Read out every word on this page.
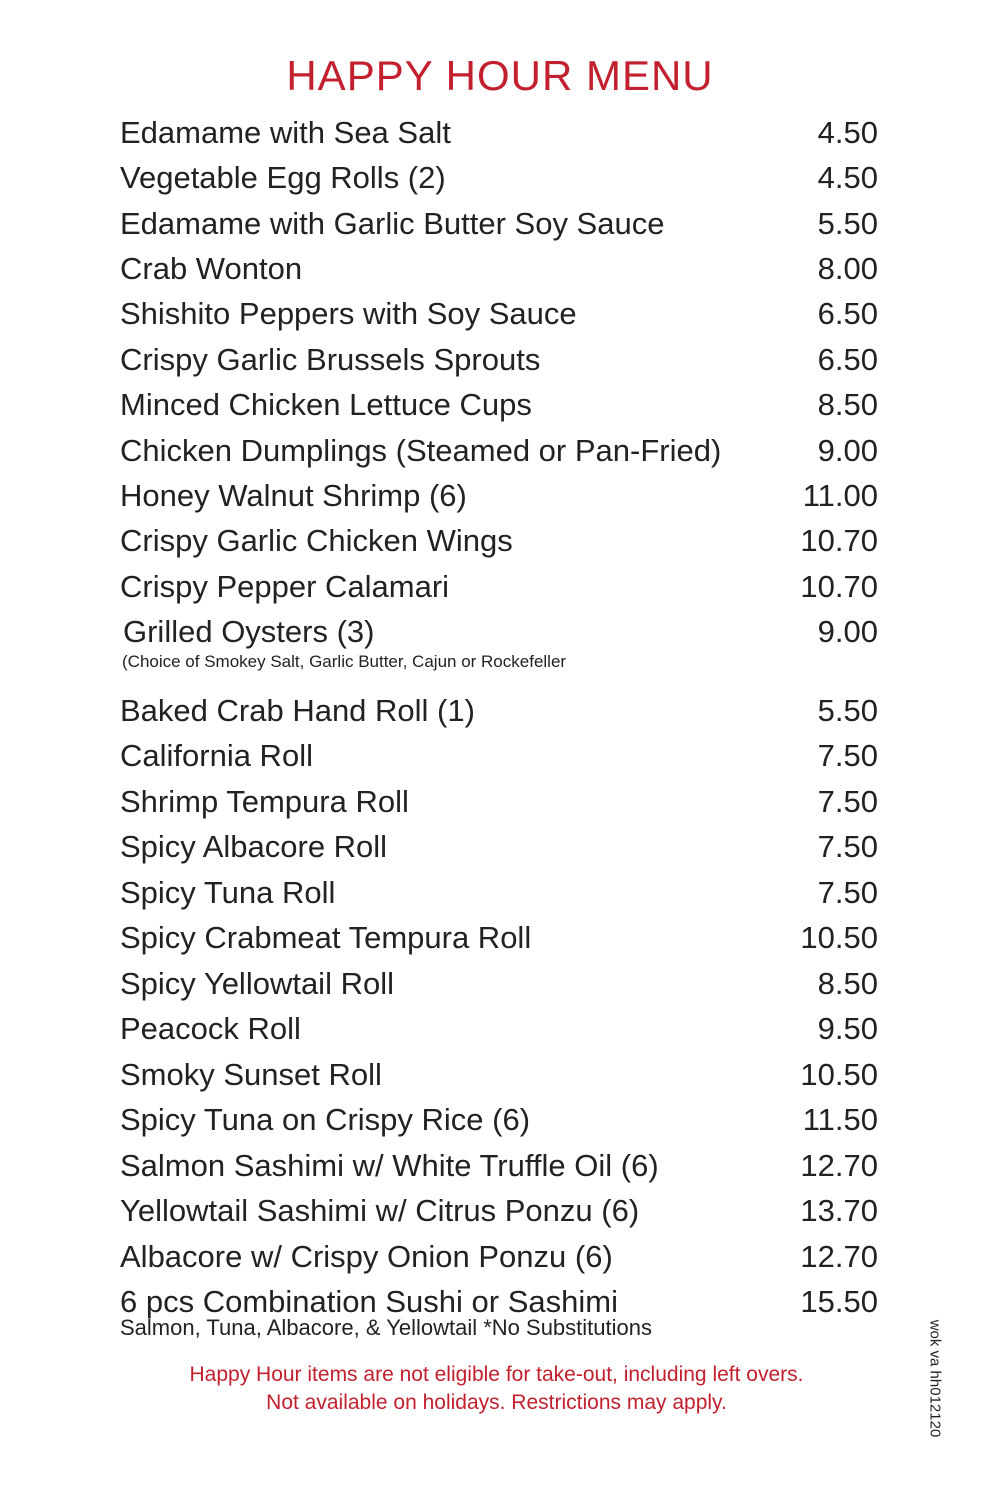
HAPPY HOUR MENU
Edamame with Sea Salt	4.50
Vegetable Egg Rolls (2)	4.50
Edamame with Garlic Butter Soy Sauce	5.50
Crab Wonton	8.00
Shishito Peppers with Soy Sauce	6.50
Crispy Garlic Brussels Sprouts	6.50
Minced Chicken Lettuce Cups	8.50
Chicken Dumplings (Steamed or Pan-Fried)	9.00
Honey Walnut Shrimp (6)	11.00
Crispy Garlic Chicken Wings	10.70
Crispy Pepper Calamari	10.70
Grilled Oysters (3)	9.00
(Choice of Smokey Salt, Garlic Butter, Cajun or Rockefeller
Baked Crab Hand Roll (1)	5.50
California Roll	7.50
Shrimp Tempura Roll	7.50
Spicy Albacore Roll	7.50
Spicy Tuna Roll	7.50
Spicy Crabmeat Tempura Roll	10.50
Spicy Yellowtail Roll	8.50
Peacock Roll	9.50
Smoky Sunset Roll	10.50
Spicy Tuna on Crispy Rice (6)	11.50
Salmon Sashimi w/ White Truffle Oil (6)	12.70
Yellowtail Sashimi w/ Citrus Ponzu (6)	13.70
Albacore w/ Crispy Onion Ponzu (6)	12.70
6 pcs Combination Sushi or Sashimi	15.50
Salmon, Tuna, Albacore, & Yellowtail *No Substitutions

Happy Hour items are not eligible for take-out, including left overs.

Not available on holidays. Restrictions may apply.	wok va hh012120
